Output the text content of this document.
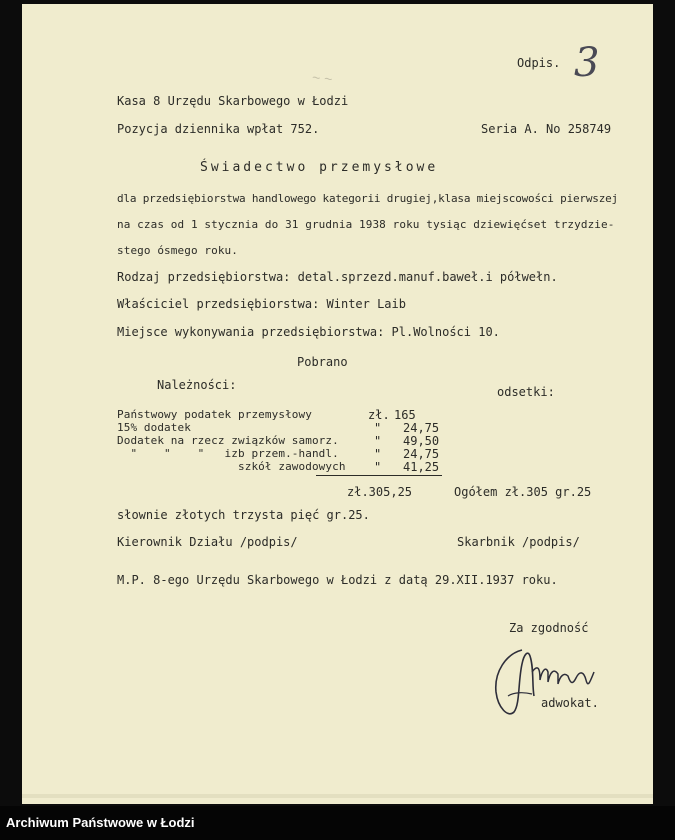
~ ~
Odpis. 3
Kasa 8 Urzędu Skarbowego w Łodzi
Pozycja dziennika wpłat 752.	Seria A. No 258749
Świadectwo przemysłowe
dla przedsiębiorstwa handlowego kategorii drugiej,klasa miejscowości pierwszej
na czas od 1 stycznia do 31 grudnia 1938 roku tysiąc dziewięćset trzydzie-
stego ósmego roku.
Rodzaj przedsiębiorstwa: detal.sprzezd.manuf.baweł.i półwełn.
Właściciel przedsiębiorstwa: Winter Laib
Miejsce wykonywania przedsiębiorstwa: Pl.Wolności 10.
Pobrano
Należności:	odsetki:
Państwowy podatek przemysłowy	zł. 165
15% dodatek	" 24,75
Dodatek na rzecz związków samorz.	" 49,50
"    "    "   izb przem.-handl.	" 24,75
szkół zawodowych " 41,25
zł.305,25	Ogółem zł.305 gr.25
słownie złotych trzysta pięć gr.25.
Kierownik Działu /podpis/	Skarbnik /podpis/
M.P. 8-ego Urzędu Skarbowego w Łodzi z datą 29.XII.1937 roku.
Za zgodność
adwokat.
Archiwum Państwowe w Łodzi
